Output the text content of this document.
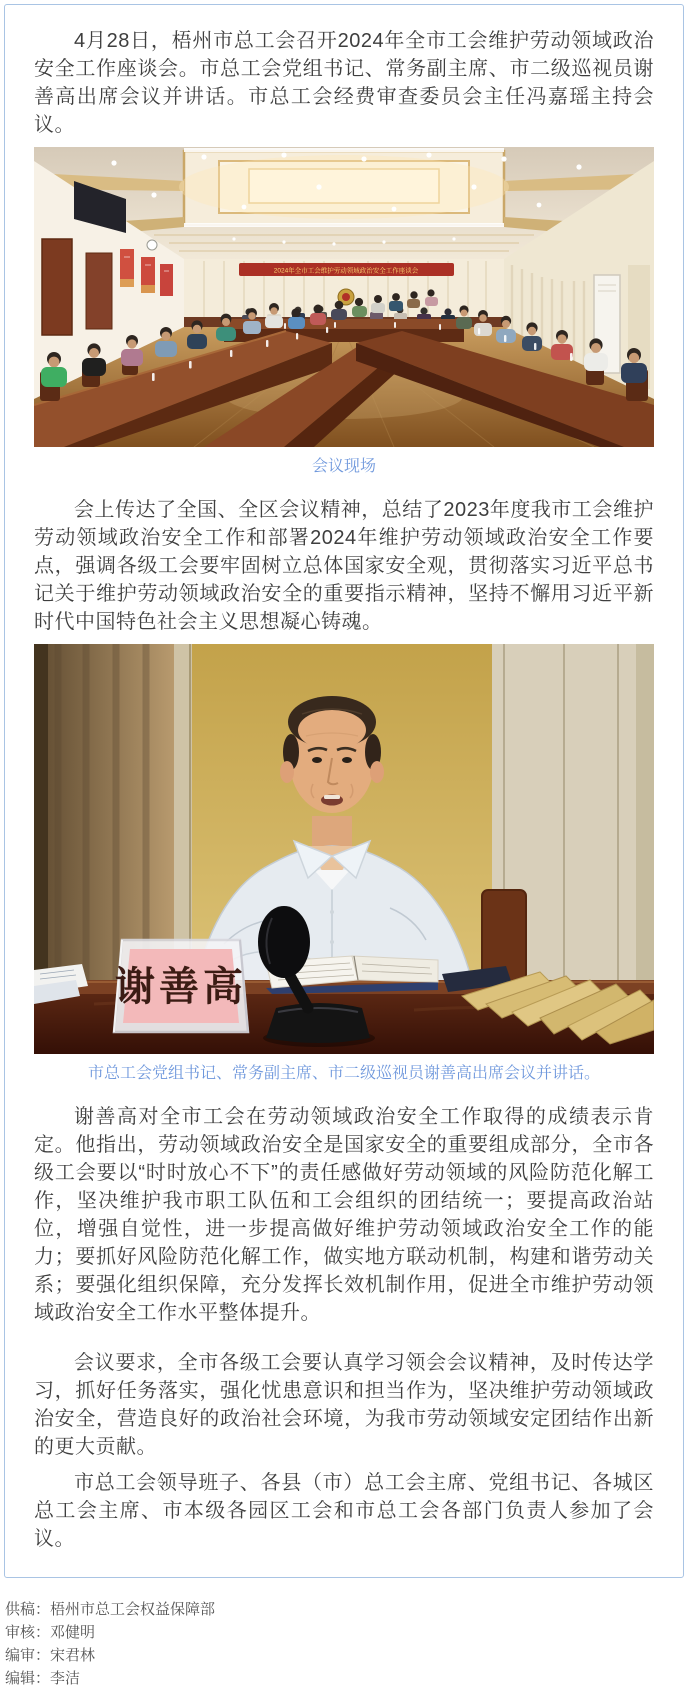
4月28日，梧州市总工会召开2024年全市工会维护劳动领域政治安全工作座谈会。市总工会党组书记、常务副主席、市二级巡视员谢善高出席会议并讲话。市总工会经费审查委员会主任冯嘉瑶主持会议。

2024年全市工会维护劳动领域政治安全工作座谈会
会议现场

会上传达了全国、全区会议精神，总结了2023年度我市工会维护劳动领域政治安全工作和部署2024年维护劳动领域政治安全工作要点，强调各级工会要牢固树立总体国家安全观，贯彻落实习近平总书记关于维护劳动领域政治安全的重要指示精神，坚持不懈用习近平新时代中国特色社会主义思想凝心铸魂。

谢善高
市总工会党组书记、常务副主席、市二级巡视员谢善高出席会议并讲话。

谢善高对全市工会在劳动领域政治安全工作取得的成绩表示肯定。他指出，劳动领域政治安全是国家安全的重要组成部分，全市各级工会要以“时时放心不下”的责任感做好劳动领域的风险防范化解工作，坚决维护我市职工队伍和工会组织的团结统一；要提高政治站位，增强自觉性，进一步提高做好维护劳动领域政治安全工作的能力；要抓好风险防范化解工作，做实地方联动机制，构建和谐劳动关系；要强化组织保障，充分发挥长效机制作用，促进全市维护劳动领域政治安全工作水平整体提升。

会议要求，全市各级工会要认真学习领会会议精神，及时传达学习，抓好任务落实，强化忧患意识和担当作为，坚决维护劳动领域政治安全，营造良好的政治社会环境，为我市劳动领域安定团结作出新的更大贡献。

市总工会领导班子、各县（市）总工会主席、党组书记、各城区总工会主席、市本级各园区工会和市总工会各部门负责人参加了会议。

供稿：梧州市总工会权益保障部
审核：邓健明
编审：宋君林
编辑：李洁
